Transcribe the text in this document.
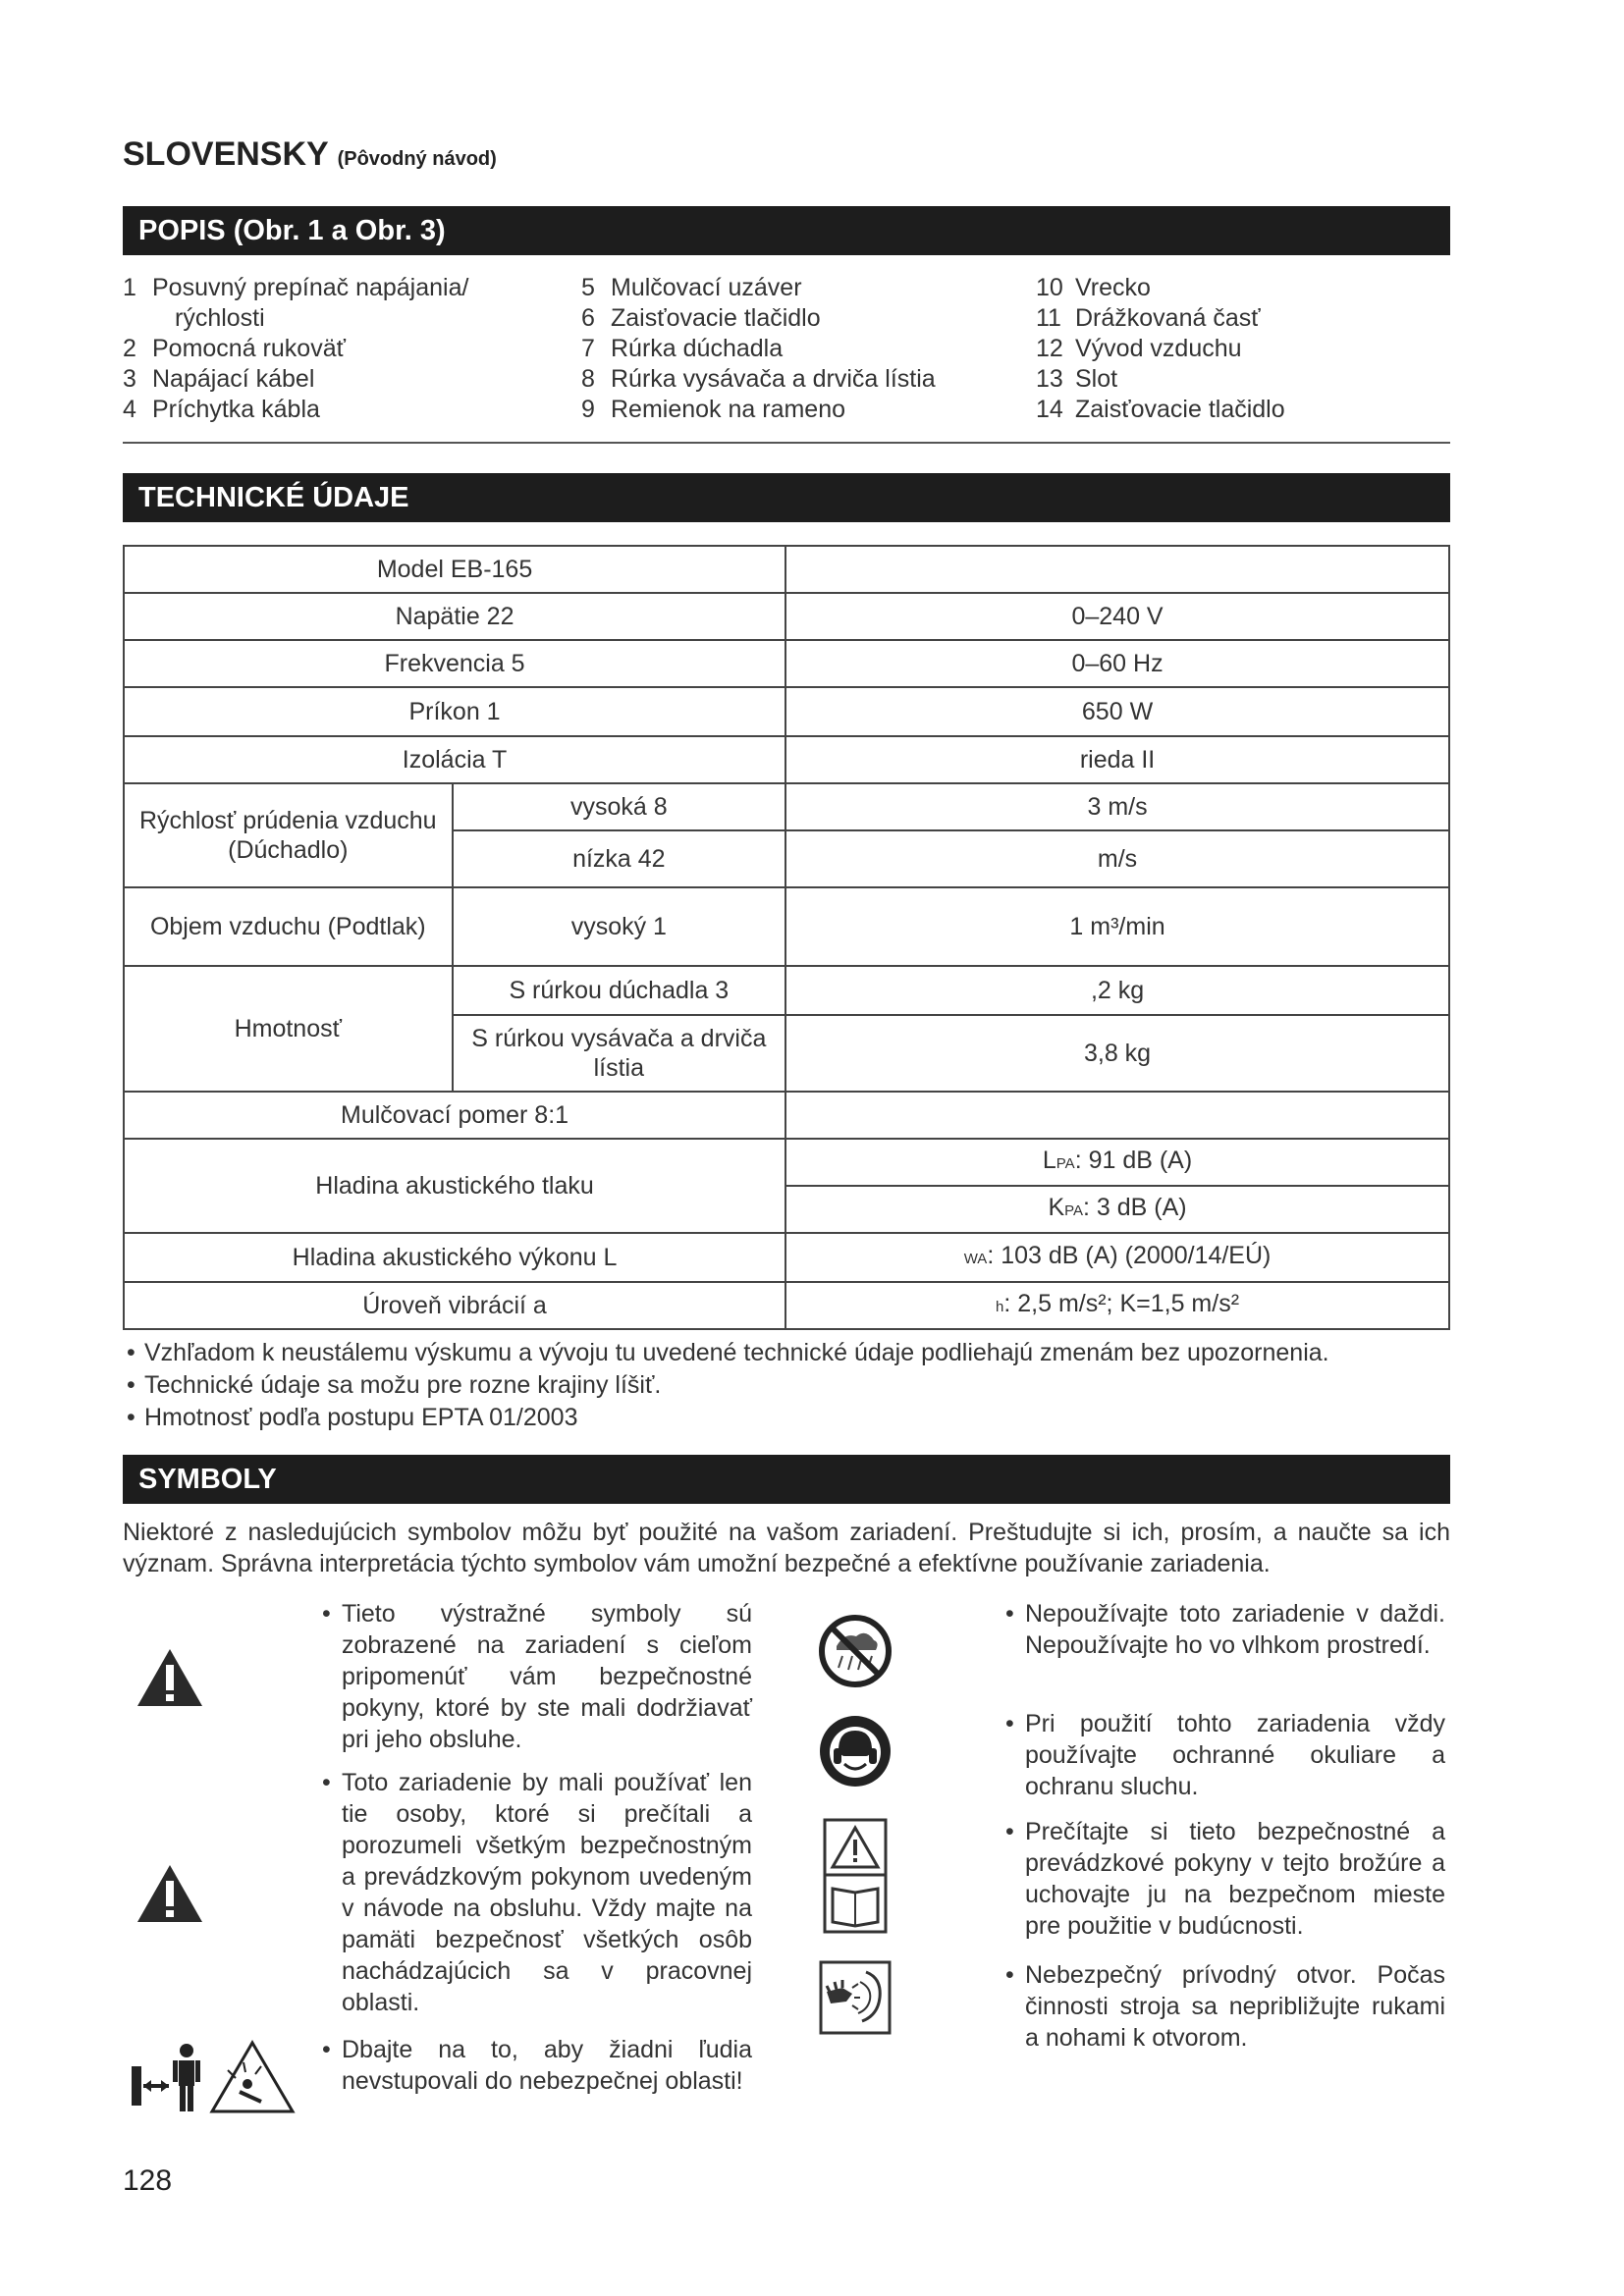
SLOVENSKY (Pôvodný návod)
POPIS (Obr. 1 a Obr. 3)
1 Posuvný prepínač napájania/
rýchlosti
2 Pomocná rukoväť
3 Napájací kábel
4 Príchytka kábla
5 Mulčovací uzáver
6 Zaisťovacie tlačidlo
7 Rúrka dúchadla
8 Rúrka vysávača a drviča lístia
9 Remienok na rameno
10 Vrecko
11 Drážkovaná časť
12 Vývod vzduchu
13 Slot
14 Zaisťovacie tlačidlo
TECHNICKÉ ÚDAJE
Model EB-165		
Napätie 22		0–240 V
Frekvencia 5		0–60 Hz
Príkon 1		650 W
Izolácia T		rieda II
Rýchlosť prúdenia vzduchu (Dúchadlo)	vysoká 8	3 m/s
	nízka 42	m/s
Objem vzduchu (Podtlak)	vysoký 1	1 m³/min
Hmotnosť	S rúrkou dúchadla 3	,2 kg
	S rúrkou vysávača a drviča lístia	3,8 kg
Mulčovací pomer 8:1		
Hladina akustického tlaku		LPA: 91 dB (A)
		KPA: 3 dB (A)
Hladina akustického výkonu L		WA: 103 dB (A) (2000/14/EÚ)
Úroveň vibrácií a		h: 2,5 m/s²; K=1,5 m/s²
• Vzhľadom k neustálemu výskumu a vývoju tu uvedené technické údaje podliehajú zmenám bez upozornenia.
• Technické údaje sa možu pre rozne krajiny líšiť.
• Hmotnosť podľa postupu EPTA 01/2003
SYMBOLY
Niektoré z nasledujúcich symbolov môžu byť použité na vašom zariadení. Preštudujte si ich, prosím, a naučte sa ich význam. Správna interpretácia týchto symbolov vám umožní bezpečné a efektívne používanie zariadenia.
• Tieto výstražné symboly sú zobrazené na zariadení s cieľom pripomenúť vám bezpečnostné pokyny, ktoré by ste mali dodržiavať pri jeho obsluhe.
• Toto zariadenie by mali používať len tie osoby, ktoré si prečítali a porozumeli všetkým bezpečnostným a prevádzkovým pokynom uvedeným v návode na obsluhu. Vždy majte na pamäti bezpečnosť všetkých osôb nachádzajúcich sa v pracovnej oblasti.
• Dbajte na to, aby žiadni ľudia nevstupovali do nebezpečnej oblasti!
• Nepoužívajte toto zariadenie v daždi. Nepoužívajte ho vo vlhkom prostredí.
• Pri použití tohto zariadenia vždy používajte ochranné okuliare a ochranu sluchu.
• Prečítajte si tieto bezpečnostné a prevádzkové pokyny v tejto brožúre a uchovajte ju na bezpečnom mieste pre použitie v budúcnosti.
• Nebezpečný prívodný otvor. Počas činnosti stroja sa nepribližujte rukami a nohami k otvorom.
128
